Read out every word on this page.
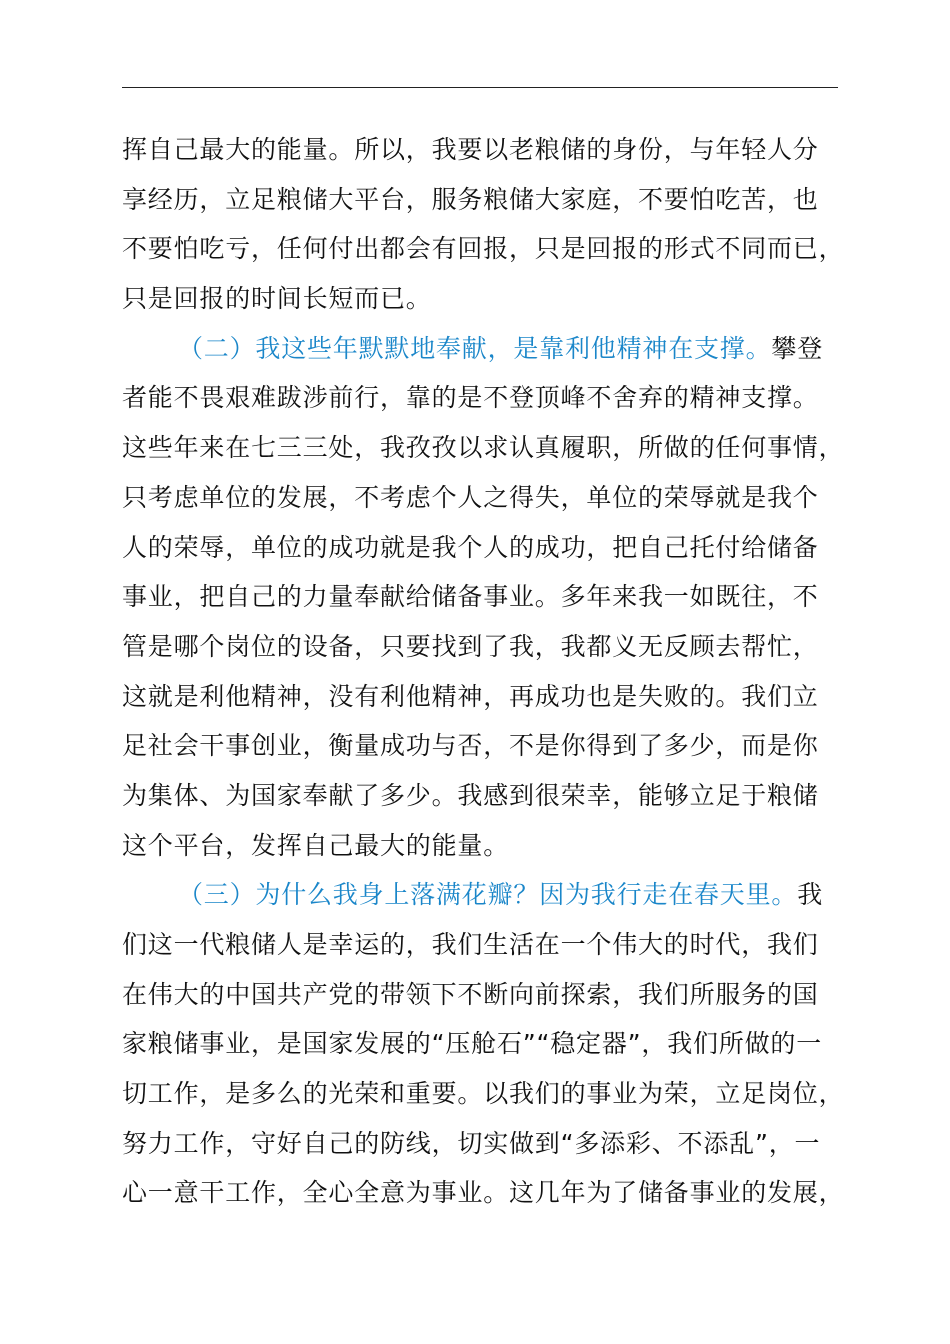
挥自己最大的能量。所以，我要以老粮储的身份，与年轻人分
享经历，立足粮储大平台，服务粮储大家庭，不要怕吃苦，也
不要怕吃亏，任何付出都会有回报，只是回报的形式不同而已，
只是回报的时间长短而已。
（二）我这些年默默地奉献，是靠利他精神在支撑。攀登
者能不畏艰难跋涉前行，靠的是不登顶峰不舍弃的精神支撑。
这些年来在七三三处，我孜孜以求认真履职，所做的任何事情，
只考虑单位的发展，不考虑个人之得失，单位的荣辱就是我个
人的荣辱，单位的成功就是我个人的成功，把自己托付给储备
事业，把自己的力量奉献给储备事业。多年来我一如既往，不
管是哪个岗位的设备，只要找到了我，我都义无反顾去帮忙，
这就是利他精神，没有利他精神，再成功也是失败的。我们立
足社会干事创业，衡量成功与否，不是你得到了多少，而是你
为集体、为国家奉献了多少。我感到很荣幸，能够立足于粮储
这个平台，发挥自己最大的能量。
（三）为什么我身上落满花瓣？因为我行走在春天里。我
们这一代粮储人是幸运的，我们生活在一个伟大的时代，我们
在伟大的中国共产党的带领下不断向前探索，我们所服务的国
家粮储事业，是国家发展的“压舱石”“稳定器”，我们所做的一
切工作，是多么的光荣和重要。以我们的事业为荣，立足岗位，
努力工作，守好自己的防线，切实做到“多添彩、不添乱”，一
心一意干工作，全心全意为事业。这几年为了储备事业的发展，
